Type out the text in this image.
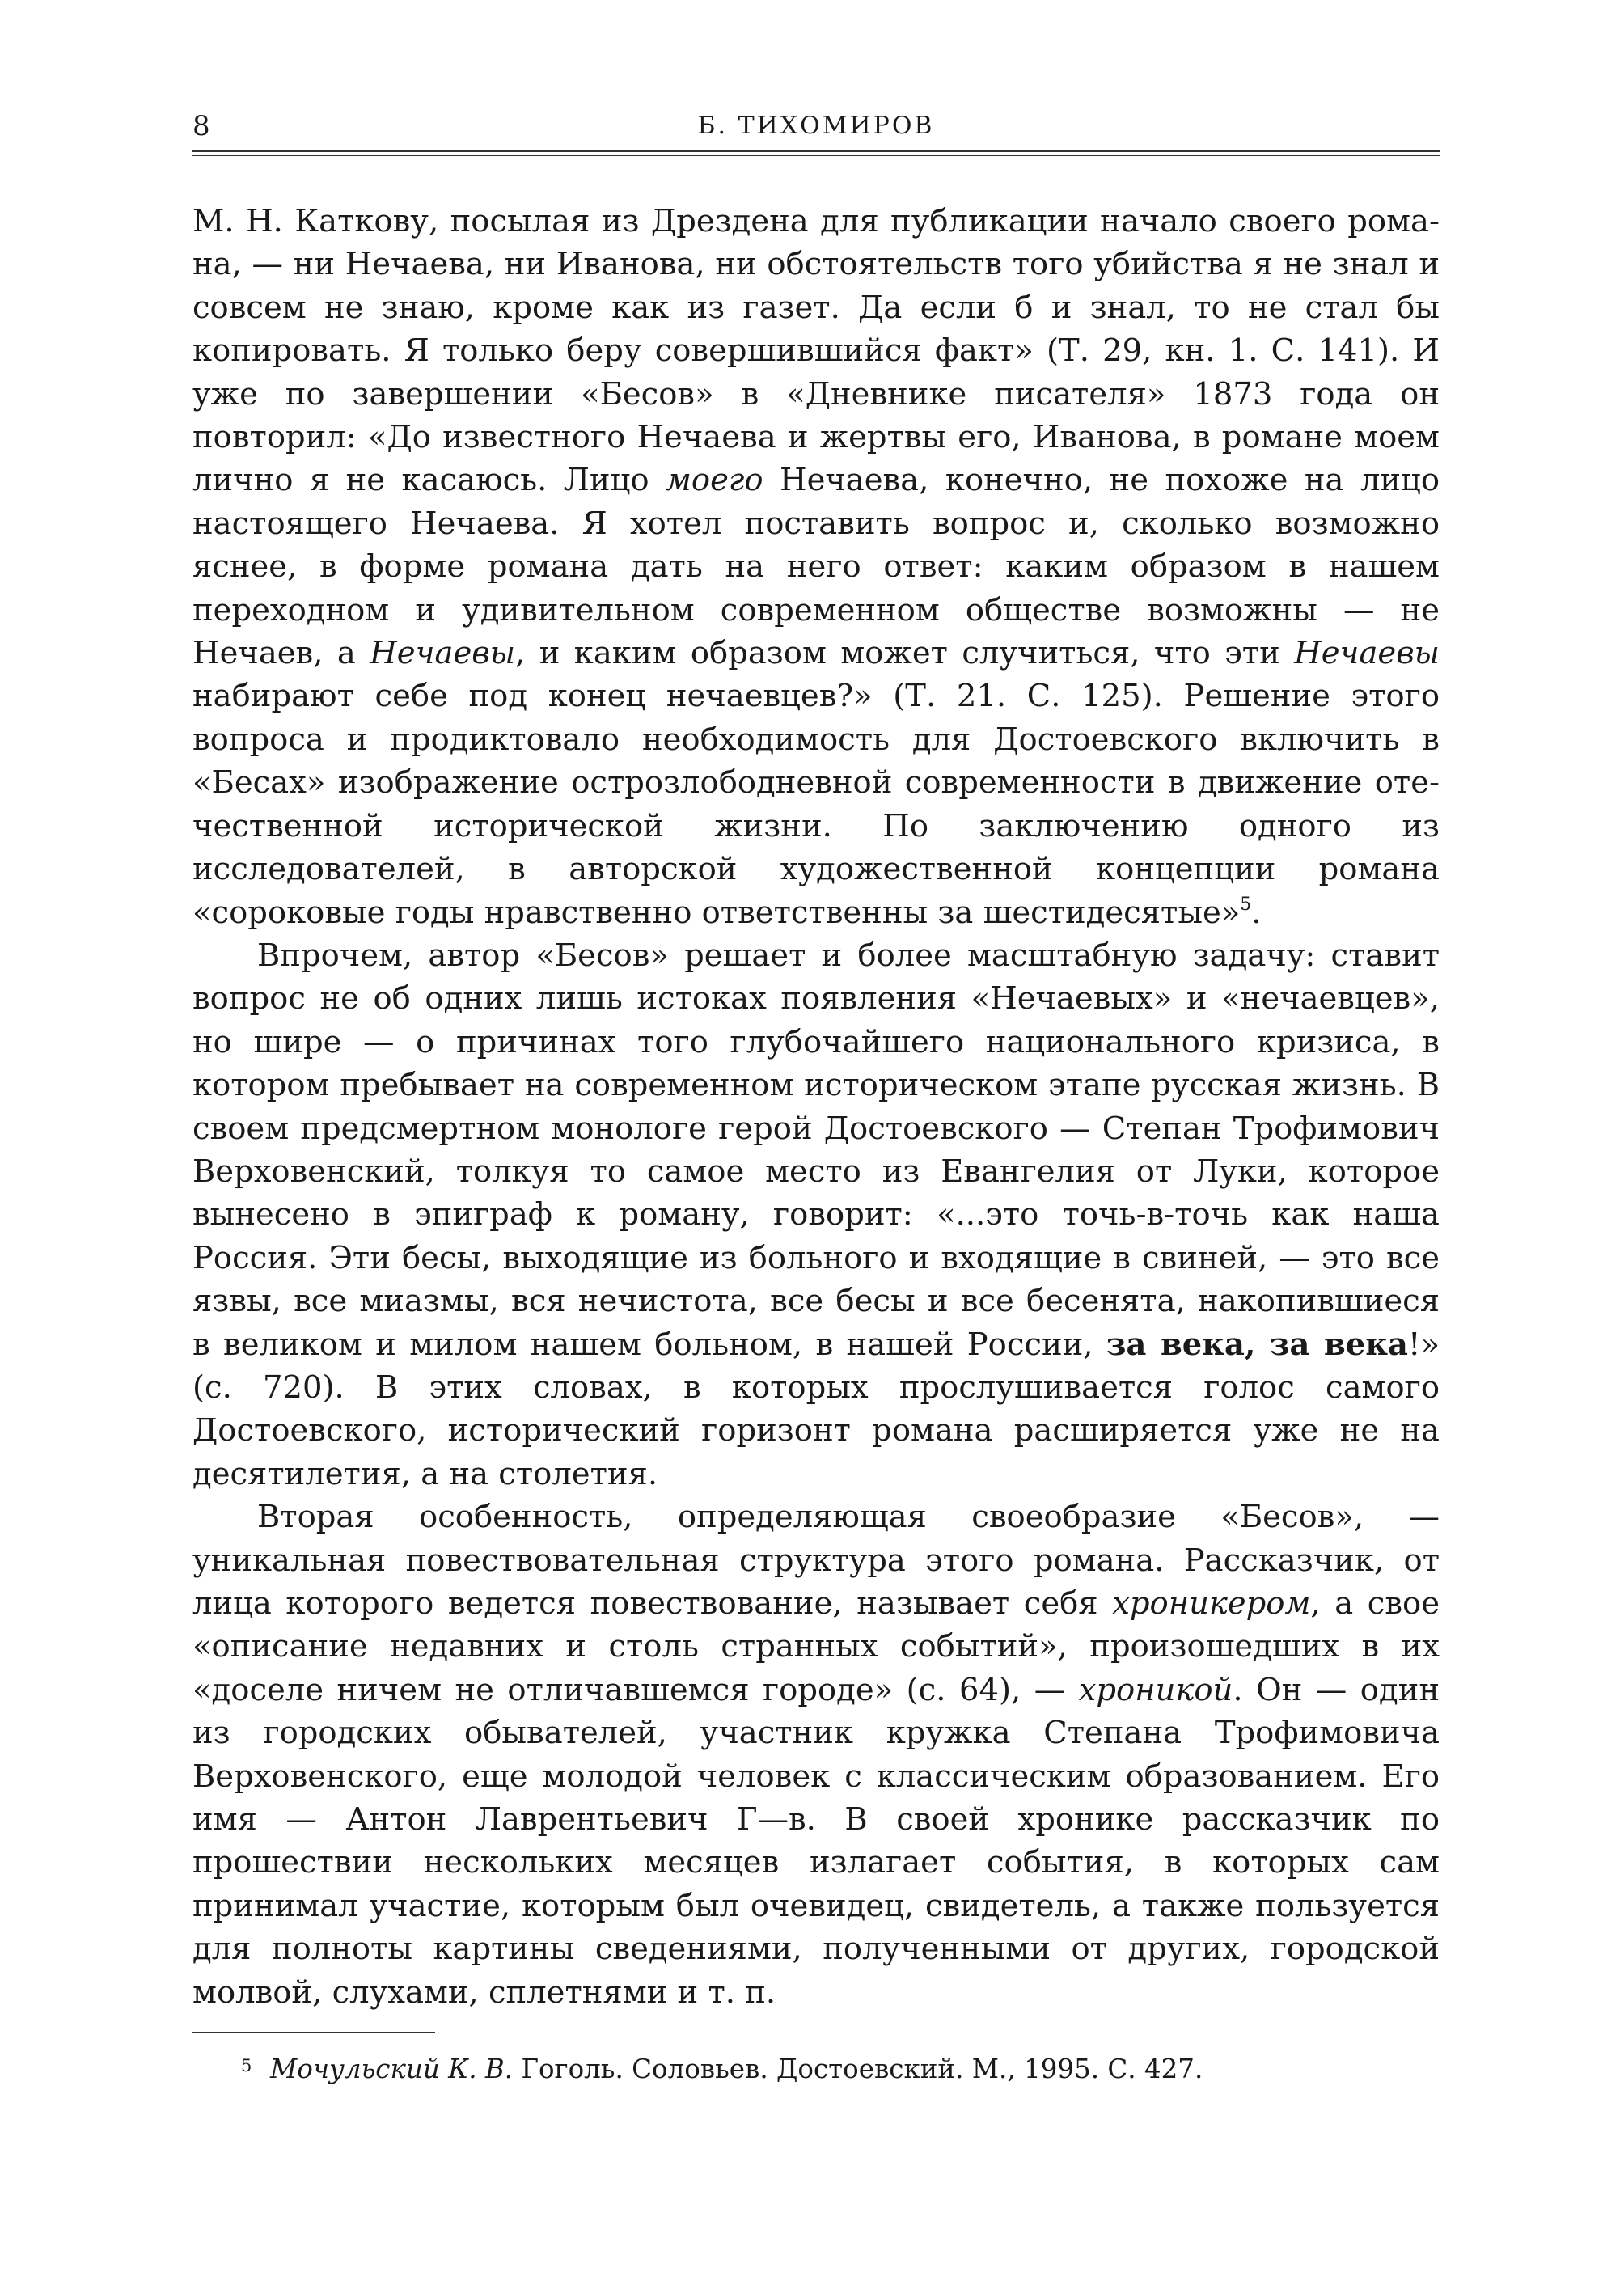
8	Б. ТИХОМИРОВ

М. Н. Каткову, посылая из Дрездена для публикации начало своего романа, — ни Нечаева, ни Иванова, ни обстоятельств того убийства я не знал и совсем не знаю, кроме как из газет. Да если б и знал, то не стал бы копировать. Я только беру совершившийся факт» (Т. 29, кн. 1. С. 141). И уже по завершении «Бесов» в «Дневнике писателя» 1873 года он повторил: «До известного Нечаева и жертвы его, Иванова, в романе моем лично я не касаюсь. Лицо моего Нечаева, конечно, не похоже на лицо настоящего Нечаева. Я хотел поставить вопрос и, сколько возможно яснее, в форме романа дать на него ответ: каким образом в нашем переходном и удивительном современном обществе возможны — не Нечаев, а Нечаевы, и каким образом может случиться, что эти Нечаевы набирают себе под конец нечаевцев?» (Т. 21. С. 125). Решение этого вопроса и продиктовало необходимость для Достоевского включить в «Бесах» изображение острозлободневной современности в движение отечественной исторической жизни. По заключению одного из исследователей, в авторской художественной концепции романа «сороковые годы нравственно ответственны за шестидесятые»$^5$.

Впрочем, автор «Бесов» решает и более масштабную задачу: ставит вопрос не об одних лишь истоках появления «Нечаевых» и «нечаевцев», но шире — о причинах того глубочайшего национального кризиса, в котором пребывает на современном историческом этапе русская жизнь. В своем предсмертном монологе герой Достоевского — Степан Трофимович Верховенский, толкуя то самое место из Евангелия от Луки, которое вынесено в эпиграф к роману, говорит: «...это точь-в-точь как наша Россия. Эти бесы, выходящие из больного и входящие в свиней, — это все язвы, все миазмы, вся нечистота, все бесы и все бесенята, накопившиеся в великом и милом нашем больном, в нашей России, за века, за века!» (с. 720). В этих словах, в которых прослушивается голос самого Достоевского, исторический горизонт романа расширяется уже не на десятилетия, а на столетия.

Вторая особенность, определяющая своеобразие «Бесов», — уникальная повествовательная структура этого романа. Рассказчик, от лица которого ведется повествование, называет себя хроникером, а свое «описание недавних и столь странных событий», произошедших в их «доселе ничем не отличавшемся городе» (с. 64), — хроникой. Он — один из городских обывателей, участник кружка Степана Трофимовича Верховенского, еще молодой человек с классическим образованием. Его имя — Антон Лаврентьевич Г—в. В своей хронике рассказчик по прошествии нескольких месяцев излагает события, в которых сам принимал участие, которым был очевидец, свидетель, а также пользуется для полноты картины сведениями, полученными от других, городской молвой, слухами, сплетнями и т. п.

5 Мочульский К. В. Гоголь. Соловьев. Достоевский. М., 1995. С. 427.
